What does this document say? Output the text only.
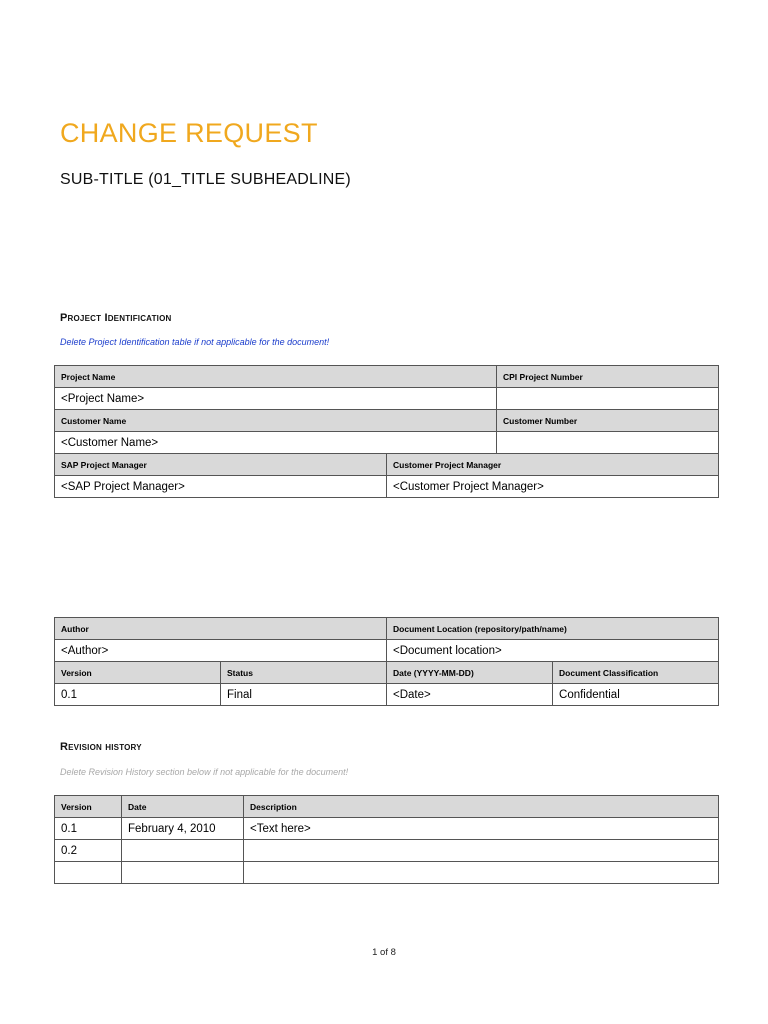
CHANGE REQUEST
SUB-TITLE (01_TITLE SUBHEADLINE)
Project Identification
Delete Project Identification table if not applicable for the document!
Project Name		CPI Project Number
<Project Name>		
Customer Name		Customer Number
<Customer Name>		
SAP Project Manager	Customer Project Manager	
<SAP Project Manager>	<Customer Project Manager>	
Author		Document Location (repository/path/name)	
<Author>		<Document location>	
Version	Status	Date (YYYY-MM-DD)	Document Classification
0.1	Final	<Date>	Confidential
Revision history
Delete Revision History section below if not applicable for the document!
Version	Date	Description
0.1	February 4, 2010	<Text here>
0.2		

1 of 8
